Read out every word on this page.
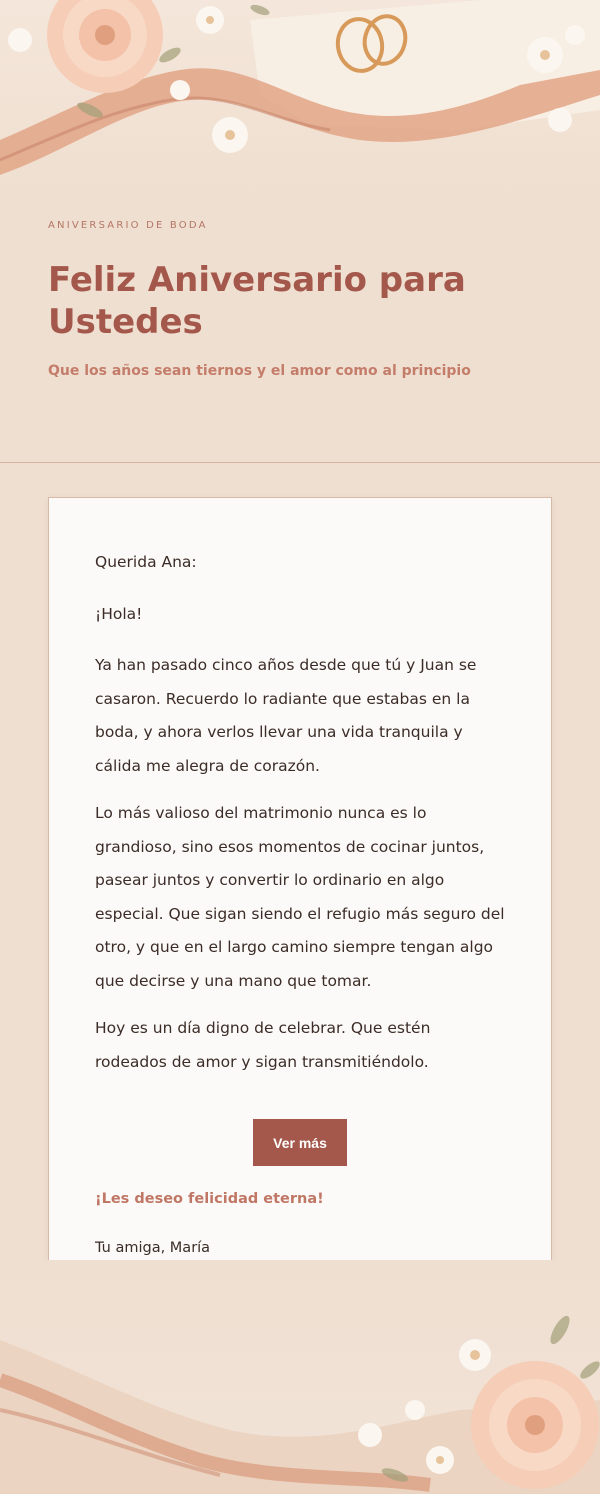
ANIVERSARIO DE BODA
Feliz Aniversario para Ustedes
Que los años sean tiernos y el amor como al principio

Querida Ana:

¡Hola!

Ya han pasado cinco años desde que tú y Juan se casaron. Recuerdo lo radiante que estabas en la boda, y ahora verlos llevar una vida tranquila y cálida me alegra de corazón.

Lo más valioso del matrimonio nunca es lo grandioso, sino esos momentos de cocinar juntos, pasear juntos y convertir lo ordinario en algo especial. Que sigan siendo el refugio más seguro del otro, y que en el largo camino siempre tengan algo que decirse y una mano que tomar.

Hoy es un día digno de celebrar. Que estén rodeados de amor y sigan transmitiéndolo.

Ver más
¡Les deseo felicidad eterna!
Tu amiga, María
